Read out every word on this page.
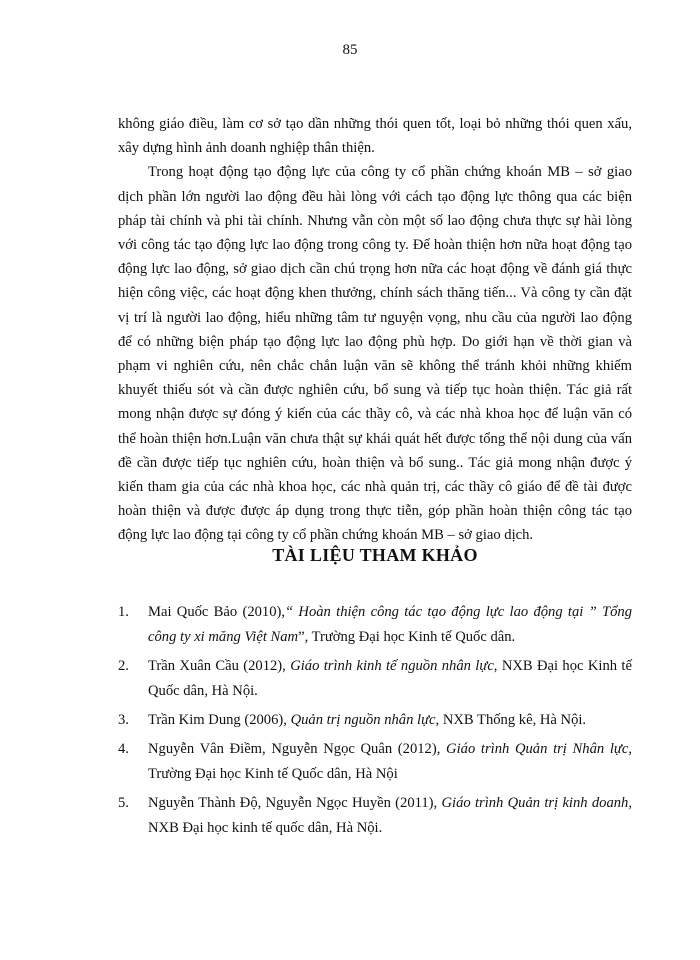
85

không giáo điều, làm cơ sở tạo dần những thói quen tốt, loại bỏ những thói quen xấu, xây dựng hình ảnh doanh nghiệp thân thiện.

Trong hoạt động tạo động lực của công ty cổ phần chứng khoán MB – sở giao dịch phần lớn người lao động đều hài lòng với cách tạo động lực thông qua các biện pháp tài chính và phi tài chính. Nhưng vẫn còn một số lao động chưa thực sự hài lòng với công tác tạo động lực lao động trong công ty. Để hoàn thiện hơn nữa hoạt động tạo động lực lao động, sở giao dịch cần chú trọng hơn nữa các hoạt động về đánh giá thực hiện công việc, các hoạt động khen thưởng, chính sách thăng tiến... Và công ty cần đặt vị trí là người lao động, hiểu những tâm tư nguyện vọng, nhu cầu của người lao động để có những biện pháp tạo động lực lao động phù hợp. Do giới hạn về thời gian và phạm vi nghiên cứu, nên chắc chắn luận văn sẽ không thể tránh khỏi những khiếm khuyết thiếu sót và cần được nghiên cứu, bổ sung và tiếp tục hoàn thiện. Tác giả rất mong nhận được sự đóng ý kiến của các thầy cô, và các nhà khoa học để luận văn có thể hoàn thiện hơn.Luận văn chưa thật sự khái quát hết được tổng thể nội dung của vấn đề cần được tiếp tục nghiên cứu, hoàn thiện và bổ sung.. Tác giả mong nhận được ý kiến tham gia của các nhà khoa học, các nhà quản trị, các thầy cô giáo để đề tài được hoàn thiện và được được áp dụng trong thực tiễn, góp phần hoàn thiện công tác tạo động lực lao động tại công ty cổ phần chứng khoán MB – sở giao dịch.

TÀI LIỆU THAM KHẢO
1. Mai Quốc Bảo (2010),“ Hoàn thiện công tác tạo động lực lao động tại ” Tổng công ty xi măng Việt Nam”, Trường Đại học Kinh tế Quốc dân.
2. Trần Xuân Cầu (2012), Giáo trình kinh tế nguồn nhân lực, NXB Đại học Kinh tế Quốc dân, Hà Nội.
3. Trần Kim Dung (2006), Quản trị nguồn nhân lực, NXB Thống kê, Hà Nội.
4. Nguyễn Vân Điềm, Nguyễn Ngọc Quân (2012), Giáo trình Quản trị Nhân lực, Trường Đại học Kinh tế Quốc dân, Hà Nội
5. Nguyễn Thành Độ, Nguyễn Ngọc Huyền (2011), Giáo trình Quản trị kinh doanh, NXB Đại học kinh tế quốc dân, Hà Nội.
